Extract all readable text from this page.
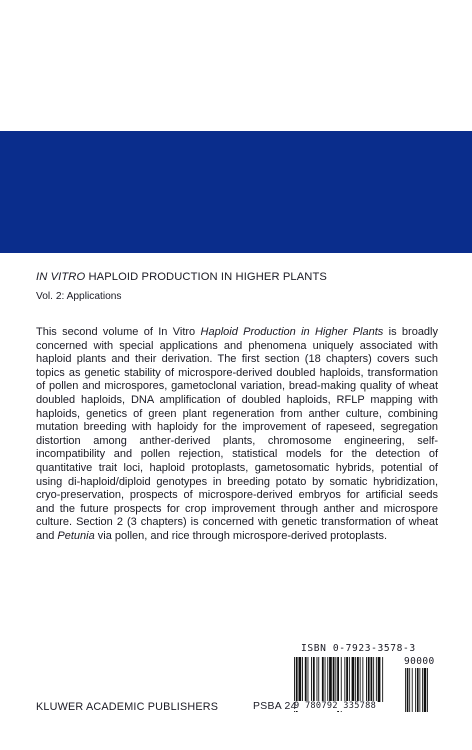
IN VITRO HAPLOID PRODUCTION IN HIGHER PLANTS
Vol. 2: Applications
This second volume of In Vitro Haploid Production in Higher Plants is broadly concerned with special applications and phenomena uniquely associated with haploid plants and their derivation. The first section (18 chapters) covers such topics as genetic stability of microspore-derived doubled haploids, transformation of pollen and microspores, gametoclonal variation, bread-making quality of wheat doubled haploids, DNA amplification of doubled haploids, RFLP mapping with haploids, genetics of green plant regeneration from anther culture, combining mutation breeding with haploidy for the improvement of rapeseed, segregation distortion among anther-derived plants, chromosome engineering, self-incompatibility and pollen rejection, statistical models for the detection of quantitative trait loci, haploid protoplasts, gametosomatic hybrids, potential of using di-haploid/diploid genotypes in breeding potato by somatic hybridization, cryo-preservation, prospects of microspore-derived embryos for artificial seeds and the future prospects for crop improvement through anther and microspore culture. Section 2 (3 chapters) is concerned with genetic transformation of wheat and Petunia via pollen, and rice through microspore-derived protoplasts.
ISBN 0-7923-3578-3
90000
9 780792 335788
KLUWER ACADEMIC PUBLISHERS	PSBA 24
